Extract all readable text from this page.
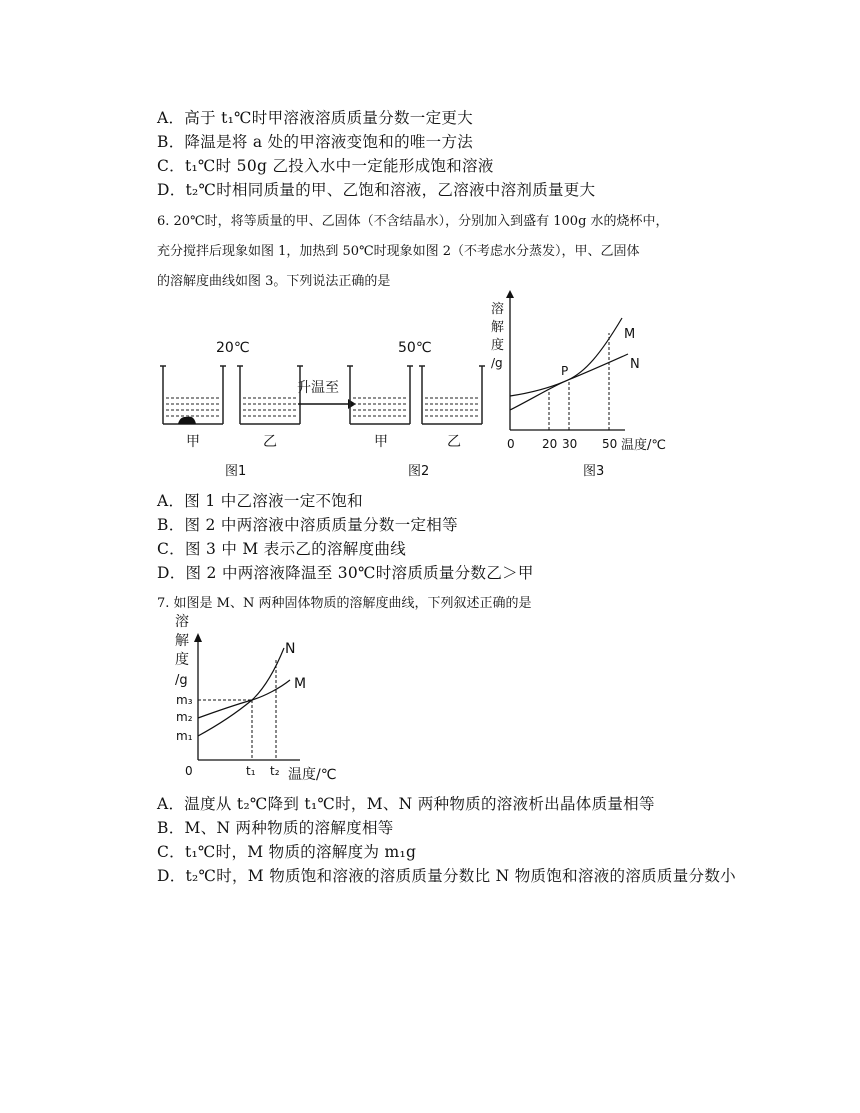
A．高于 t₁℃时甲溶液溶质质量分数一定更大
B．降温是将 a 处的甲溶液变饱和的唯一方法
C．t₁℃时 50g 乙投入水中一定能形成饱和溶液
D．t₂℃时相同质量的甲、乙饱和溶液，乙溶液中溶剂质量更大
6. 20℃时，将等质量的甲、乙固体（不含结晶水），分别加入到盛有 100g 水的烧杯中，
充分搅拌后现象如图 1，加热到 50℃时现象如图 2（不考虑水分蒸发），甲、乙固体
的溶解度曲线如图 3。下列说法正确的是
20℃	50℃
升温至
甲	乙	甲	乙
图1	图2	图3
溶
解
度
/g
P
M
N
0 20 30 50 温度/℃
A．图 1 中乙溶液一定不饱和
B．图 2 中两溶液中溶质质量分数一定相等
C．图 3 中 M 表示乙的溶解度曲线
D．图 2 中两溶液降温至 30℃时溶质质量分数乙＞甲
7. 如图是 M、N 两种固体物质的溶解度曲线，下列叙述正确的是
溶
解
度
/g
m₃
m₂
m₁
N
M
0	t₁ t₂ 温度/℃
A．温度从 t₂℃降到 t₁℃时，M、N 两种物质的溶液析出晶体质量相等
B．M、N 两种物质的溶解度相等
C．t₁℃时，M 物质的溶解度为 m₁g
D．t₂℃时，M 物质饱和溶液的溶质质量分数比 N 物质饱和溶液的溶质质量分数小
